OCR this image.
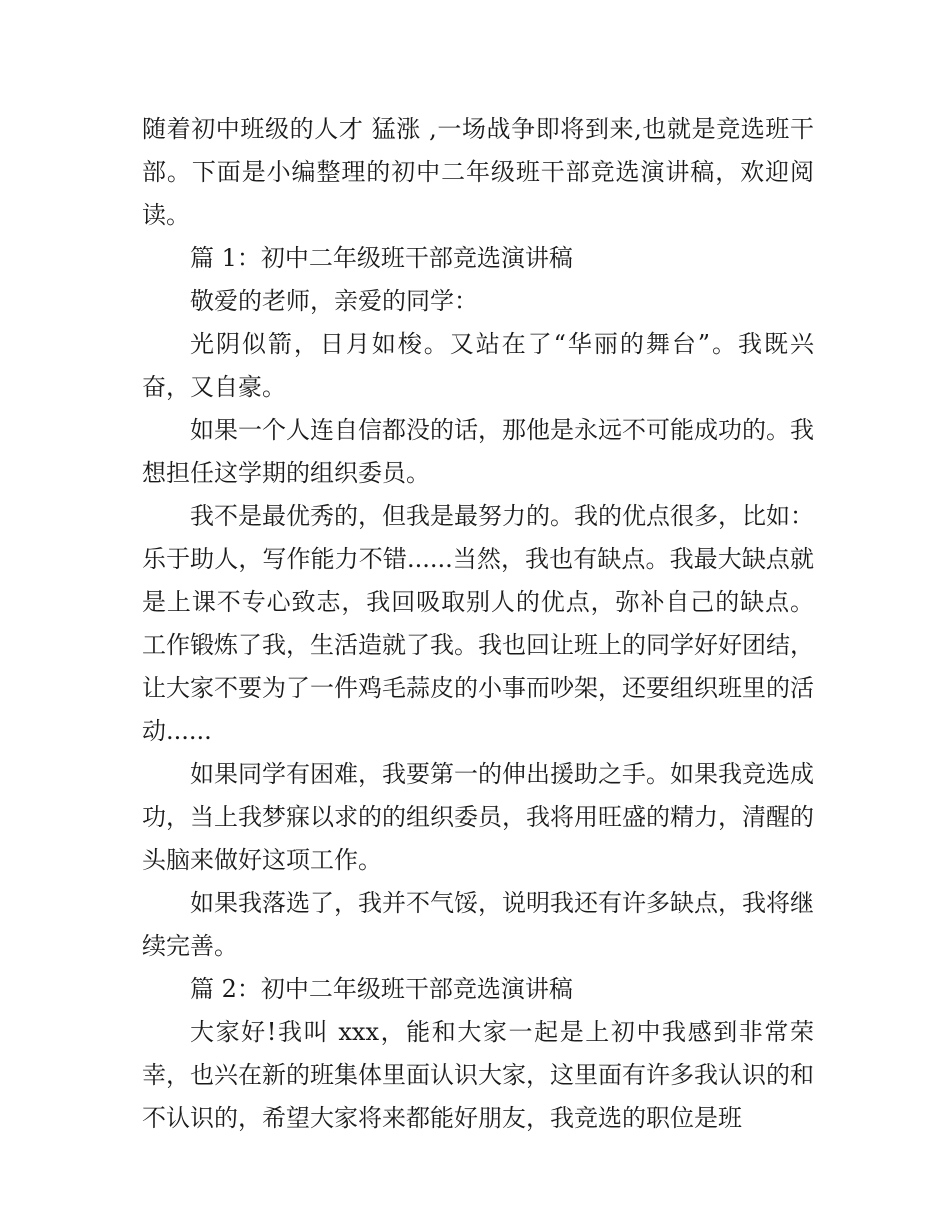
随着初中班级的人才 猛涨 ,一场战争即将到来,也就是竞选班干部。下面是小编整理的初中二年级班干部竞选演讲稿，欢迎阅读。

篇 1：初中二年级班干部竞选演讲稿

敬爱的老师，亲爱的同学：

光阴似箭，日月如梭。又站在了“华丽的舞台”。我既兴奋，又自豪。

如果一个人连自信都没的话，那他是永远不可能成功的。我想担任这学期的组织委员。

我不是最优秀的，但我是最努力的。我的优点很多，比如：乐于助人，写作能力不错......当然，我也有缺点。我最大缺点就是上课不专心致志，我回吸取别人的优点，弥补自己的缺点。 工作锻炼了我，生活造就了我。我也回让班上的同学好好团结，让大家不要为了一件鸡毛蒜皮的小事而吵架，还要组织班里的活动......

如果同学有困难，我要第一的伸出援助之手。如果我竞选成功，当上我梦寐以求的的组织委员，我将用旺盛的精力，清醒的头脑来做好这项工作。

如果我落选了，我并不气馁，说明我还有许多缺点，我将继续完善。

篇 2：初中二年级班干部竞选演讲稿

大家好!我叫 xxx，能和大家一起是上初中我感到非常荣幸，也兴在新的班集体里面认识大家，这里面有许多我认识的和不认识的，希望大家将来都能好朋友，我竞选的职位是班
